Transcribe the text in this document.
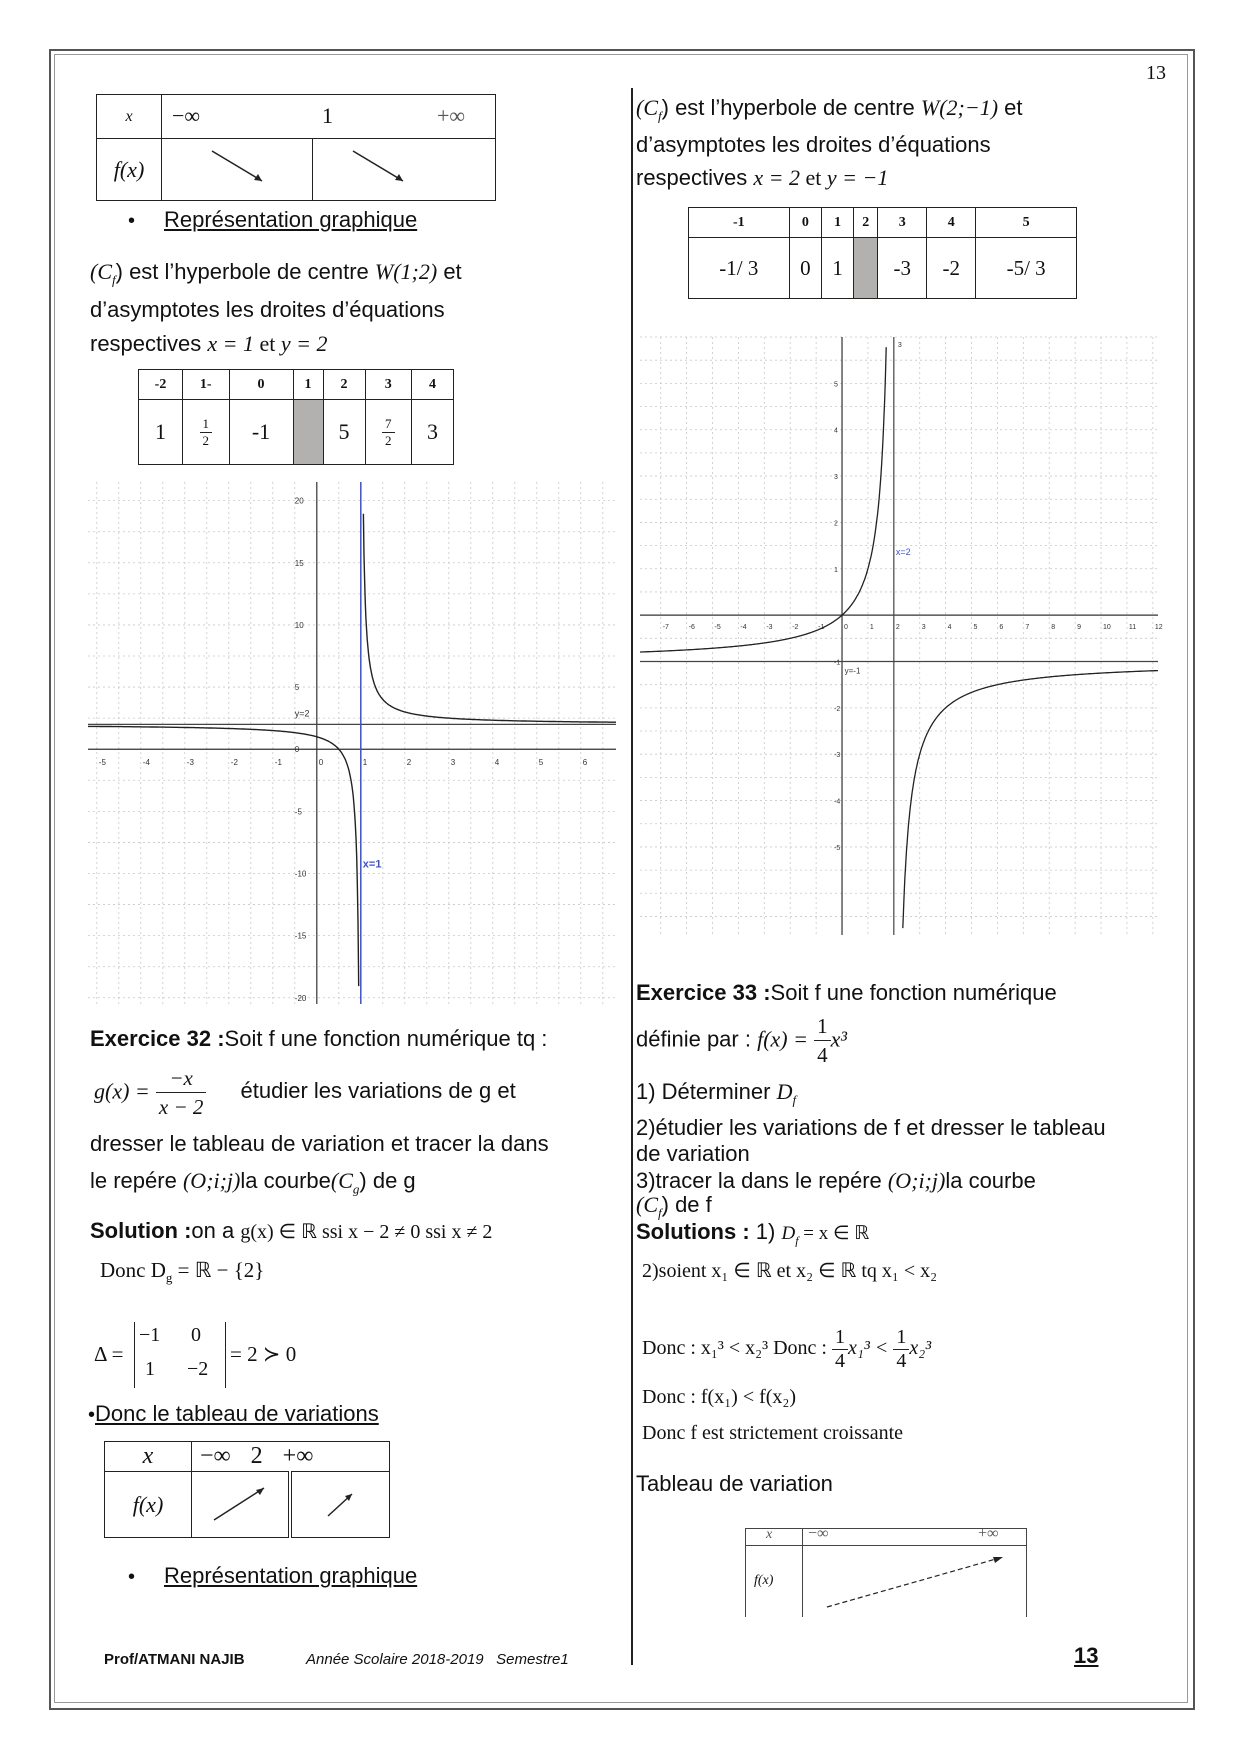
13
x	−∞ 1 +∞	

f(x)		
• Représentation graphique
$(C_f)$ est l’hyperbole de centre W(1;2) et
d’asymptotes les droites d’équations
respectives x = 1 et y = 2
-2	1-	0	1	2	3	4
1	$\frac{1}{2}$	-1		5	$\frac{7}{2}$	3
-5	-4	-3	-2	-1	0	1	2	3	4	5	6
20
15
10
5
0
-5
-10
-15
-20
y=2
x=1
Exercice 32 :Soit f une fonction numérique tq :
$g(x) = \frac{-x}{x - 2}$ étudier les variations de g et
dresser le tableau de variation et tracer la dans
le repére (O;i;j)la $courbe(C_g)$ de g
Solution :on a g(x) ∈ ℝ ssi x − 2 ≠ 0 ssi x ≠ 2
Donc $D_g$ = ℝ − {2}
Δ =
−1 0
1 −2
= 2 ≻ 0
•Donc le tableau de variations
x	−∞ 2 +∞	
f(x)		
• Représentation graphique
Prof/ATMANI NAJIB	Année Scolaire 2018-2019   Semestre1	13
$(C_f)$ est l’hyperbole de centre W(2;−1) et
d’asymptotes les droites d’équations
respectives x = 2 et y = −1
-1	0	1	2	3	4	5
-1/ 3	0	1		-3	-2	-5/ 3
-7	-6	-5	-4	-3	-2	-1	0	1	2	3	4	5	6	7	8	9	10	11	12
5
4
3
2
1
-1
-2
-3
-4
-5
3
x=2
y=-1
Exercice 33 :Soit f une fonction numérique
définie par : $f(x) = \frac{1}{4} x^3$
1) Déterminer $D_f$
2)étudier les variations de f et dresser le tableau de variation
3)tracer la dans le repére (O;i;j)la courbe
$(C_f)$ de f
Solutions : 1) $D_f = x$ ∈ ℝ
2)soient x₁ ∈ ℝ et x₂ ∈ ℝ tq x₁ < x₂
Donc : x₁³ < x₂³ Donc : $\frac{1}{4} x_1^3 < \frac{1}{4} x_2^3$
Donc : f(x₁) < f(x₂)
Donc f est strictement croissante
Tableau de variation
x −∞	+∞
f(x)
